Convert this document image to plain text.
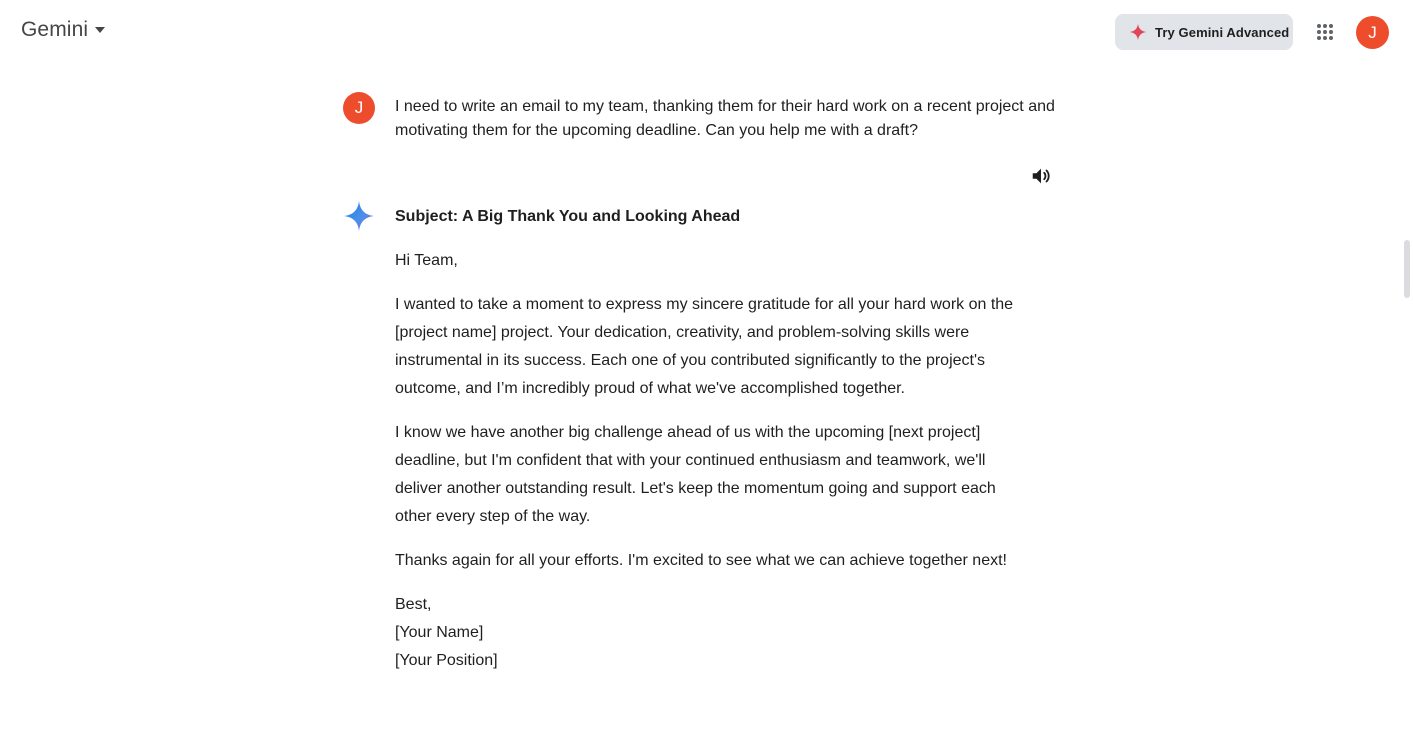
Gemini	Try Gemini Advanced	J
J	I need to write an email to my team, thanking them for their hard work on a recent project and motivating them for the upcoming deadline. Can you help me with a draft?
Subject: A Big Thank You and Looking Ahead

Hi Team,

I wanted to take a moment to express my sincere gratitude for all your hard work on the [project name] project. Your dedication, creativity, and problem-solving skills were instrumental in its success. Each one of you contributed significantly to the project's outcome, and I’m incredibly proud of what we've accomplished together.

I know we have another big challenge ahead of us with the upcoming [next project] deadline, but I'm confident that with your continued enthusiasm and teamwork, we'll deliver another outstanding result. Let's keep the momentum going and support each other every step of the way.

Thanks again for all your efforts. I'm excited to see what we can achieve together next!

Best,
[Your Name]
[Your Position]
